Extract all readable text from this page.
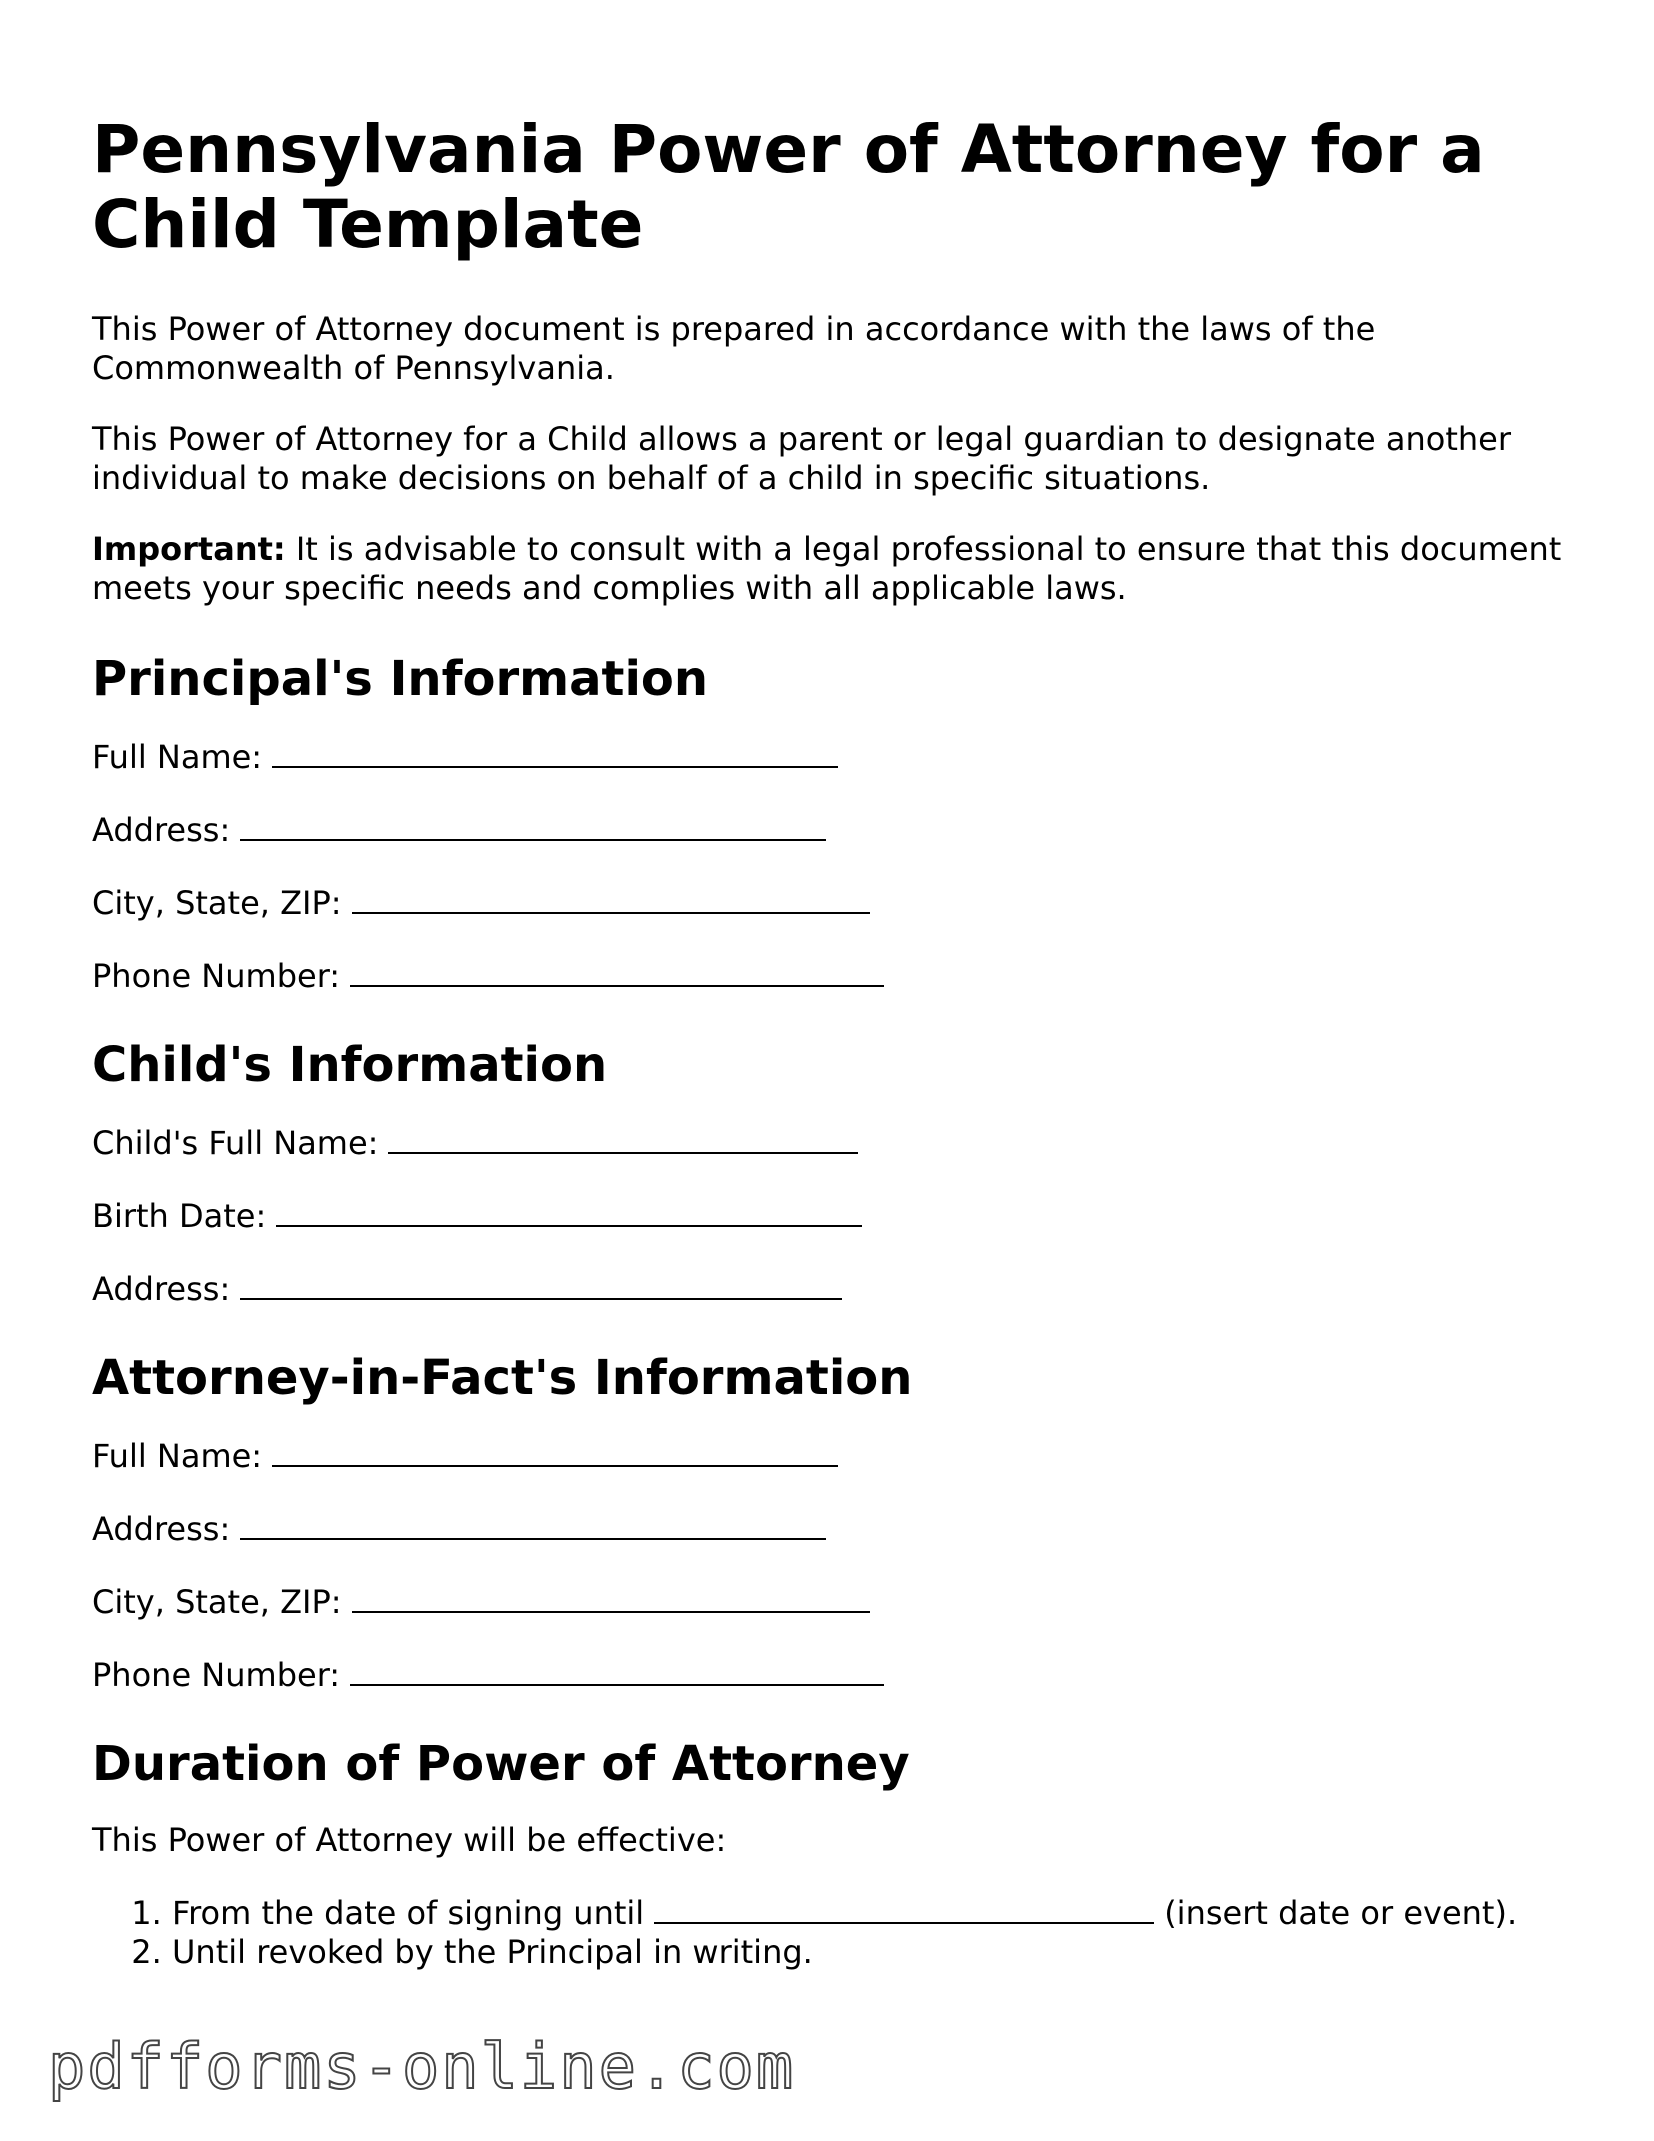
Pennsylvania Power of Attorney for a Child Template

This Power of Attorney document is prepared in accordance with the laws of the Commonwealth of Pennsylvania.

This Power of Attorney for a Child allows a parent or legal guardian to designate another individual to make decisions on behalf of a child in specific situations.

Important: It is advisable to consult with a legal professional to ensure that this document meets your specific needs and complies with all applicable laws.

Principal's Information
Full Name:
Address:
City, State, ZIP:
Phone Number:
Child's Information
Child's Full Name:
Birth Date:
Address:
Attorney-in-Fact's Information
Full Name:
Address:
City, State, ZIP:
Phone Number:
Duration of Power of Attorney

This Power of Attorney will be effective:

1. From the date of signing until	(insert date or event).
2. Until revoked by the Principal in writing.
pdfforms-online.com
